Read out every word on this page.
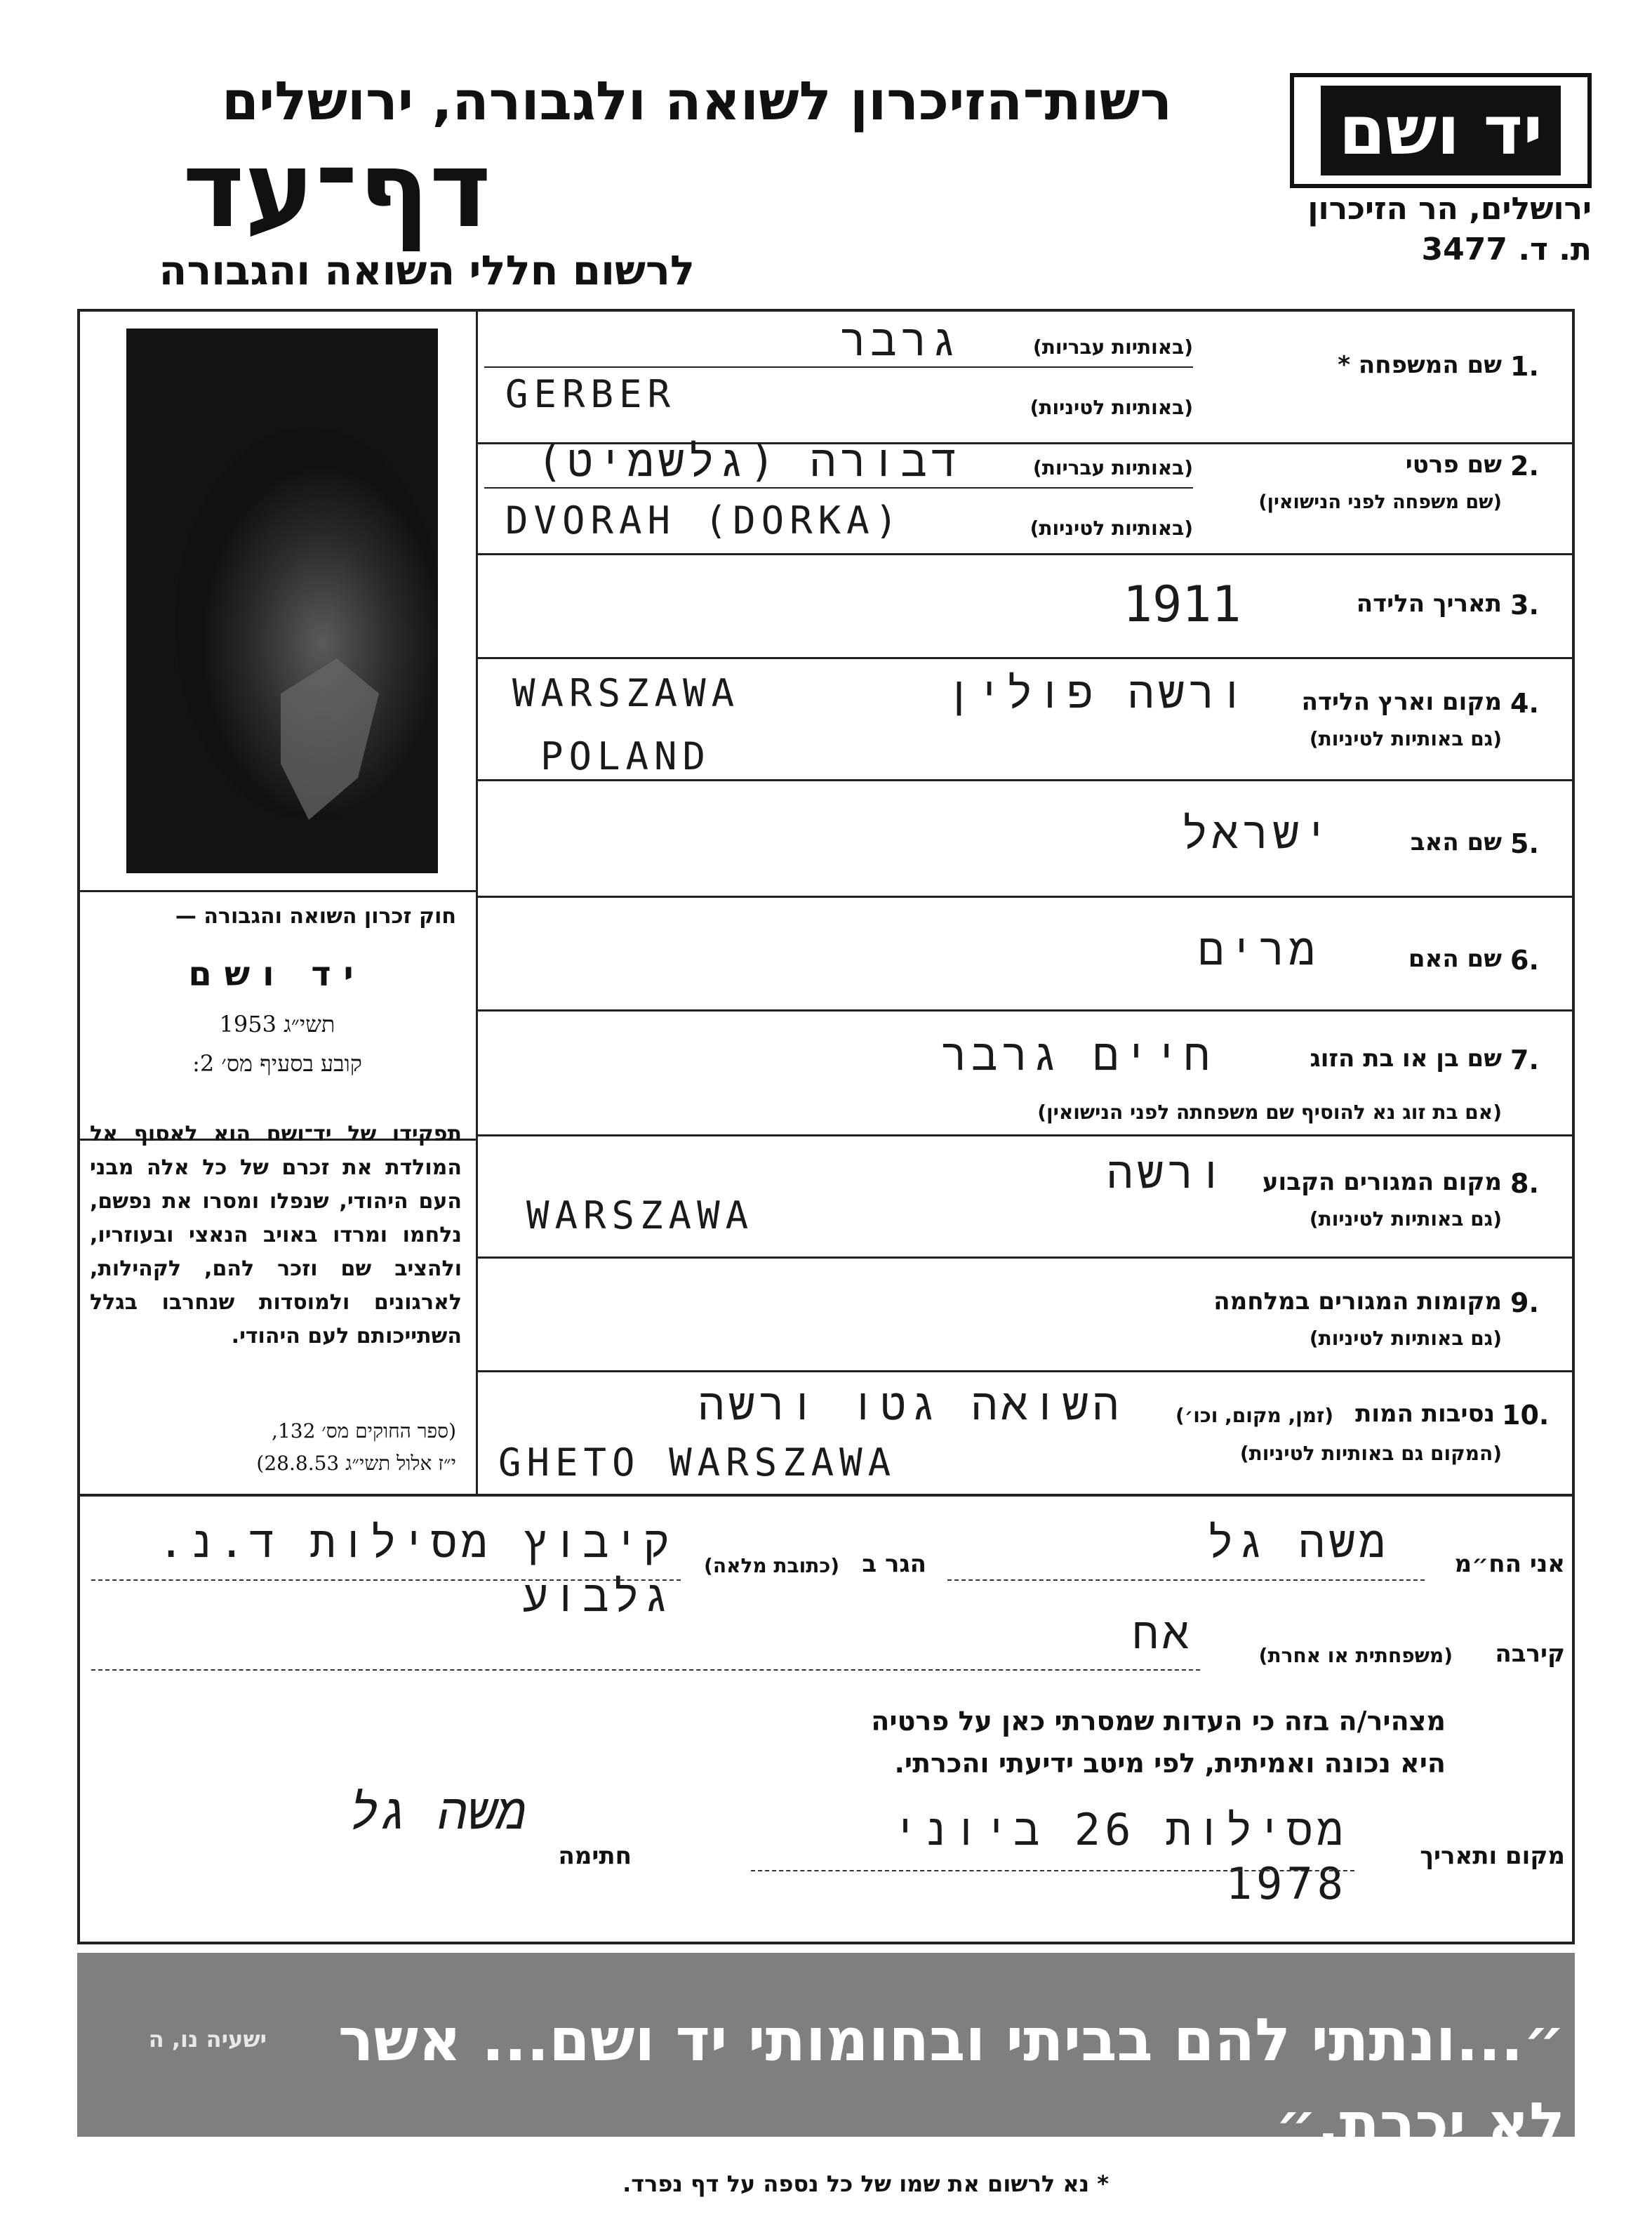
יד ושם
ירושלים, הר הזיכרון
ת. ד. 3477
רשות־הזיכרון לשואה ולגבורה, ירושלים
דף־עד
לרשום חללי השואה והגבורה
חוק זכרון השואה והגבורה —
יד ושם
תשי״ג 1953
קובע בסעיף מס׳ 2:
תפקידו של יד־ושם הוא לאסוף אל המולדת את זכרם של כל אלה מבני העם היהודי, שנפלו ומסרו את נפשם, נלחמו ומרדו באויב הנאצי ובעוזריו, ולהציב שם וזכר להם, לקהילות, לארגונים ולמוסדות שנחרבו בגלל השתייכותם לעם היהודי.
(ספר החוקים מס׳ 132,
י״ז אלול תשי״ג 28.8.53)
1.
שם המשפחה *
(באותיות עבריות)
(באותיות לטיניות)
גרבר
GERBER
2.
שם פרטי
(שם משפחה לפני הנישואין)
(באותיות עבריות)
(באותיות לטיניות)
דבורה (גלשמיט)
DVORAH (DORKA)
3.
תאריך הלידה
1911
4.
מקום וארץ הלידה
(גם באותיות לטיניות)
ורשה פולין
WARSZAWA
POLAND
5.
שם האב
ישראל
6.
שם האם
מרים
7.
שם בן או בת הזוג
(אם בת זוג נא להוסיף שם משפחתה לפני הנישואין)
חיים גרבר
8.
מקום המגורים הקבוע
(גם באותיות לטיניות)
ורשה
WARSZAWA
9.
מקומות המגורים במלחמה
(גם באותיות לטיניות)
10.
נסיבות המות
(זמן, מקום, וכו׳)
(המקום גם באותיות לטיניות)
השואה גטו ורשה
GHETO WARSZAWA
אני הח״מ
משה גל
הגר ב
(כתובת מלאה)
קיבוץ מסילות ד.נ. גלבוע
קירבה
(משפחתית או אחרת)
אח
מצהיר/ה בזה כי העדות שמסרתי כאן על פרטיה
היא נכונה ואמיתית, לפי מיטב ידיעתי והכרתי.
מקום ותאריך
מסילות 26 ביוני 1978
חתימה
משה גל
״...ונתתי להם בביתי ובחומותי יד ושם... אשר לא יכרת.״
ישעיה נו, ה
* נא לרשום את שמו של כל נספה על דף נפרד.
